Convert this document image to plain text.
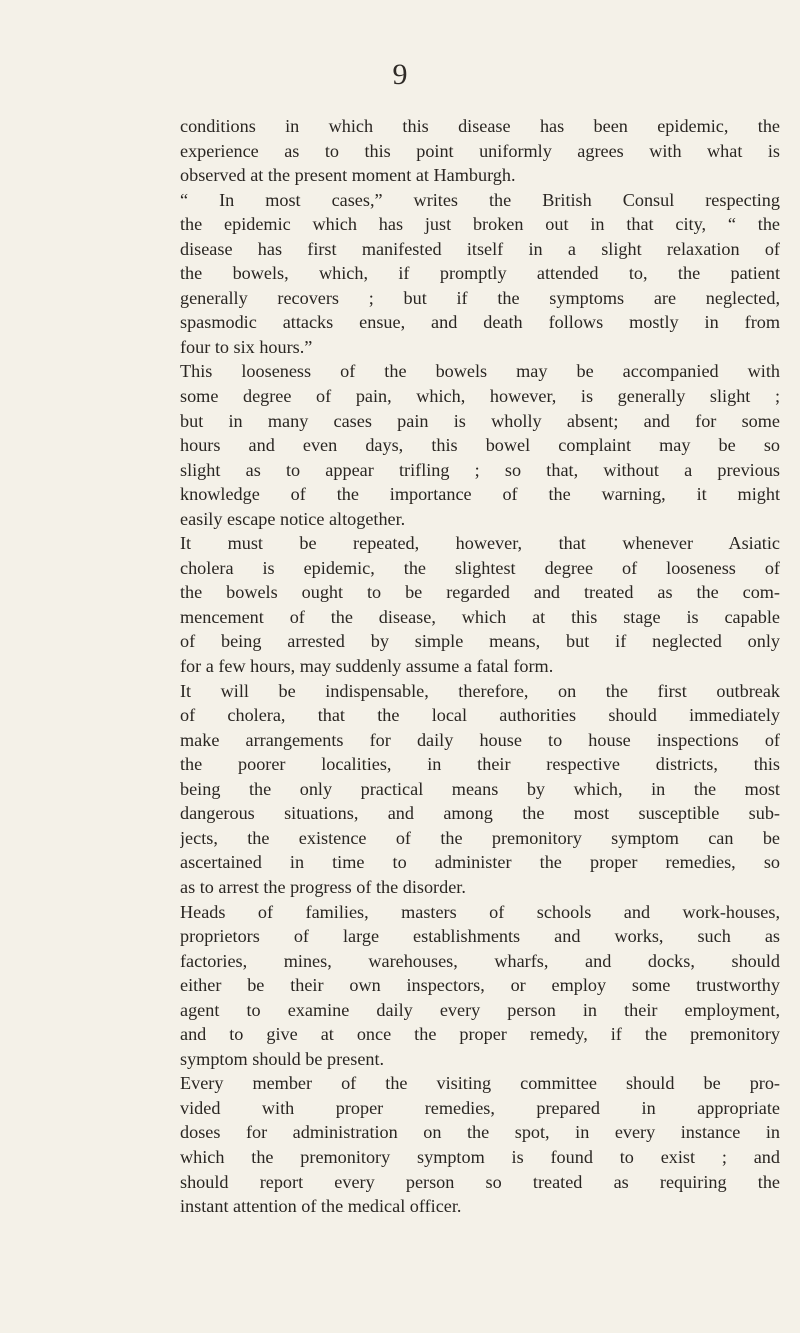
9
conditions in which this disease has been epidemic, the
experience as to this point uniformly agrees with what is
observed at the present moment at Hamburgh.
“ In most cases,” writes the British Consul respecting
the epidemic which has just broken out in that city, “ the
disease has first manifested itself in a slight relaxation of
the bowels, which, if promptly attended to, the patient
generally recovers ; but if the symptoms are neglected,
spasmodic attacks ensue, and death follows mostly in from
four to six hours.”
This looseness of the bowels may be accompanied with
some degree of pain, which, however, is generally slight ;
but in many cases pain is wholly absent; and for some
hours and even days, this bowel complaint may be so
slight as to appear trifling ; so that, without a previous
knowledge of the importance of the warning, it might
easily escape notice altogether.
It must be repeated, however, that whenever Asiatic
cholera is epidemic, the slightest degree of looseness of
the bowels ought to be regarded and treated as the com-
mencement of the disease, which at this stage is capable
of being arrested by simple means, but if neglected only
for a few hours, may suddenly assume a fatal form.
It will be indispensable, therefore, on the first outbreak
of cholera, that the local authorities should immediately
make arrangements for daily house to house inspections of
the poorer localities, in their respective districts, this
being the only practical means by which, in the most
dangerous situations, and among the most susceptible sub-
jects, the existence of the premonitory symptom can be
ascertained in time to administer the proper remedies, so
as to arrest the progress of the disorder.
Heads of families, masters of schools and work-houses,
proprietors of large establishments and works, such as
factories, mines, warehouses, wharfs, and docks, should
either be their own inspectors, or employ some trustworthy
agent to examine daily every person in their employment,
and to give at once the proper remedy, if the premonitory
symptom should be present.
Every member of the visiting committee should be pro-
vided with proper remedies, prepared in appropriate
doses for administration on the spot, in every instance in
which the premonitory symptom is found to exist ; and
should report every person so treated as requiring the
instant attention of the medical officer.
